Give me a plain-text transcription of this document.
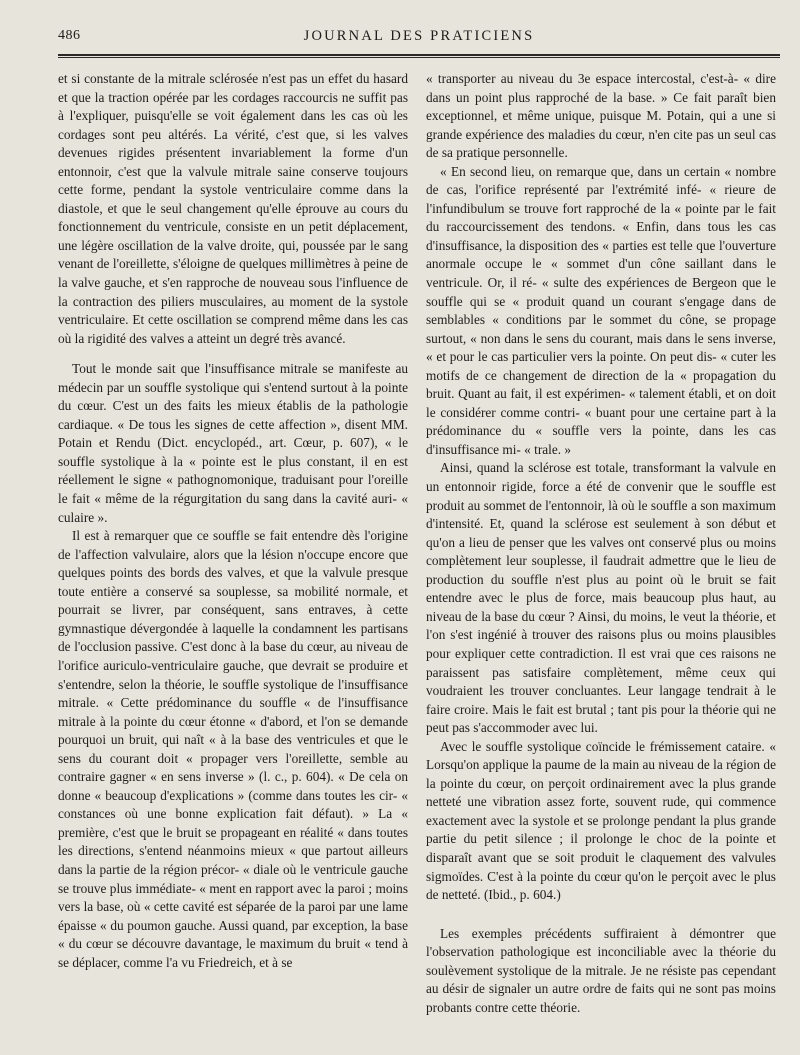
486	JOURNAL DES PRATICIENS

et si constante de la mitrale sclérosée n'est pas un effet du hasard et que la traction opérée par les cordages raccourcis ne suffit pas à l'expliquer, puisqu'elle se voit également dans les cas où les cordages sont peu altérés. La vérité, c'est que, si les valves devenues rigides présentent invariablement la forme d'un entonnoir, c'est que la valvule mitrale saine conserve toujours cette forme, pendant la systole ventriculaire comme dans la diastole, et que le seul changement qu'elle éprouve au cours du fonctionnement du ventricule, consiste en un petit déplacement, une légère oscillation de la valve droite, qui, poussée par le sang venant de l'oreillette, s'éloigne de quelques millimètres à peine de la valve gauche, et s'en rapproche de nouveau sous l'influence de la contraction des piliers musculaires, au moment de la systole ventriculaire. Et cette oscillation se comprend même dans les cas où la rigidité des valves a atteint un degré très avancé.

Tout le monde sait que l'insuffisance mitrale se manifeste au médecin par un souffle systolique qui s'entend surtout à la pointe du cœur. C'est un des faits les mieux établis de la pathologie cardiaque. « De tous les signes de cette affection », disent MM. Potain et Rendu (Dict. encyclopéd., art. Cœur, p. 607), « le souffle systolique à la « pointe est le plus constant, il en est réellement le signe « pathognomonique, traduisant pour l'oreille le fait « même de la régurgitation du sang dans la cavité auri- « culaire ».

Il est à remarquer que ce souffle se fait entendre dès l'origine de l'affection valvulaire, alors que la lésion n'occupe encore que quelques points des bords des valves, et que la valvule presque toute entière a conservé sa souplesse, sa mobilité normale, et pourrait se livrer, par conséquent, sans entraves, à cette gymnastique dévergondée à laquelle la condamnent les partisans de l'occlusion passive. C'est donc à la base du cœur, au niveau de l'orifice auriculo-ventriculaire gauche, que devrait se produire et s'entendre, selon la théorie, le souffle systolique de l'insuffisance mitrale. « Cette prédominance du souffle « de l'insuffisance mitrale à la pointe du cœur étonne « d'abord, et l'on se demande pourquoi un bruit, qui naît « à la base des ventricules et que le sens du courant doit « propager vers l'oreillette, semble au contraire gagner « en sens inverse » (l. c., p. 604). « De cela on donne « beaucoup d'explications » (comme dans toutes les cir- « constances où une bonne explication fait défaut). » La « première, c'est que le bruit se propageant en réalité « dans toutes les directions, s'entend néanmoins mieux « que partout ailleurs dans la partie de la région précor- « diale où le ventricule gauche se trouve plus immédiate- « ment en rapport avec la paroi ; moins vers la base, où « cette cavité est séparée de la paroi par une lame épaisse « du poumon gauche. Aussi quand, par exception, la base « du cœur se découvre davantage, le maximum du bruit « tend à se déplacer, comme l'a vu Friedreich, et à se

« transporter au niveau du 3e espace intercostal, c'est-à- « dire dans un point plus rapproché de la base. » Ce fait paraît bien exceptionnel, et même unique, puisque M. Potain, qui a une si grande expérience des maladies du cœur, n'en cite pas un seul cas de sa pratique personnelle.

« En second lieu, on remarque que, dans un certain « nombre de cas, l'orifice représenté par l'extrémité infé- « rieure de l'infundibulum se trouve fort rapproché de la « pointe par le fait du raccourcissement des tendons. « Enfin, dans tous les cas d'insuffisance, la disposition des « parties est telle que l'ouverture anormale occupe le « sommet d'un cône saillant dans le ventricule. Or, il ré- « sulte des expériences de Bergeon que le souffle qui se « produit quand un courant s'engage dans de semblables « conditions par le sommet du cône, se propage surtout, « non dans le sens du courant, mais dans le sens inverse, « et pour le cas particulier vers la pointe. On peut dis- « cuter les motifs de ce changement de direction de la « propagation du bruit. Quant au fait, il est expérimen- « talement établi, et on doit le considérer comme contri- « buant pour une certaine part à la prédominance du « souffle vers la pointe, dans les cas d'insuffisance mi- « trale. »

Ainsi, quand la sclérose est totale, transformant la valvule en un entonnoir rigide, force a été de convenir que le souffle est produit au sommet de l'entonnoir, là où le souffle a son maximum d'intensité. Et, quand la sclérose est seulement à son début et qu'on a lieu de penser que les valves ont conservé plus ou moins complètement leur souplesse, il faudrait admettre que le lieu de production du souffle n'est plus au point où le bruit se fait entendre avec le plus de force, mais beaucoup plus haut, au niveau de la base du cœur ? Ainsi, du moins, le veut la théorie, et l'on s'est ingénié à trouver des raisons plus ou moins plausibles pour expliquer cette contradiction. Il est vrai que ces raisons ne paraissent pas satisfaire complètement, même ceux qui voudraient les trouver concluantes. Leur langage tendrait à le faire croire. Mais le fait est brutal ; tant pis pour la théorie qui ne peut pas s'accommoder avec lui.

Avec le souffle systolique coïncide le frémissement cataire. « Lorsqu'on applique la paume de la main au niveau de la région de la pointe du cœur, on perçoit ordinairement avec la plus grande netteté une vibration assez forte, souvent rude, qui commence exactement avec la systole et se prolonge pendant la plus grande partie du petit silence ; il prolonge le choc de la pointe et disparaît avant que se soit produit le claquement des valvules sigmoïdes. C'est à la pointe du cœur qu'on le perçoit avec le plus de netteté. (Ibid., p. 604.)

Les exemples précédents suffiraient à démontrer que l'observation pathologique est inconciliable avec la théorie du soulèvement systolique de la mitrale. Je ne résiste pas cependant au désir de signaler un autre ordre de faits qui ne sont pas moins probants contre cette théorie.
